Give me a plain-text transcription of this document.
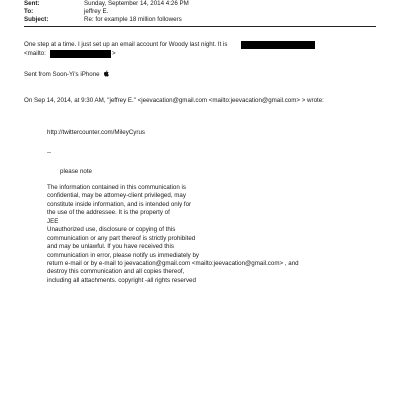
Sent:	Sunday, September 14, 2014 4:26 PM
To:	jeffrey E.
Subject:	Re: for example 18 million followers
One step at a time. I just set up an email account for Woody last night. It is
<mailto:	>
Sent from Soon-Yi's iPhone
On Sep 14, 2014, at 9:30 AM, "jeffrey E." <jeevacation@gmail.com <mailto:jeevacation@gmail.com> > wrote:
http://twittercounter.com/MileyCyrus
--
please note
The information contained in this communication is
confidential, may be attorney-client privileged, may
constitute inside information, and is intended only for
the use of the addressee. It is the property of
JEE
Unauthorized use, disclosure or copying of this
communication or any part thereof is strictly prohibited
and may be unlawful. If you have received this
communication in error, please notify us immediately by
return e-mail or by e-mail to jeevacation@gmail.com <mailto:jeevacation@gmail.com> , and
destroy this communication and all copies thereof,
including all attachments. copyright -all rights reserved
